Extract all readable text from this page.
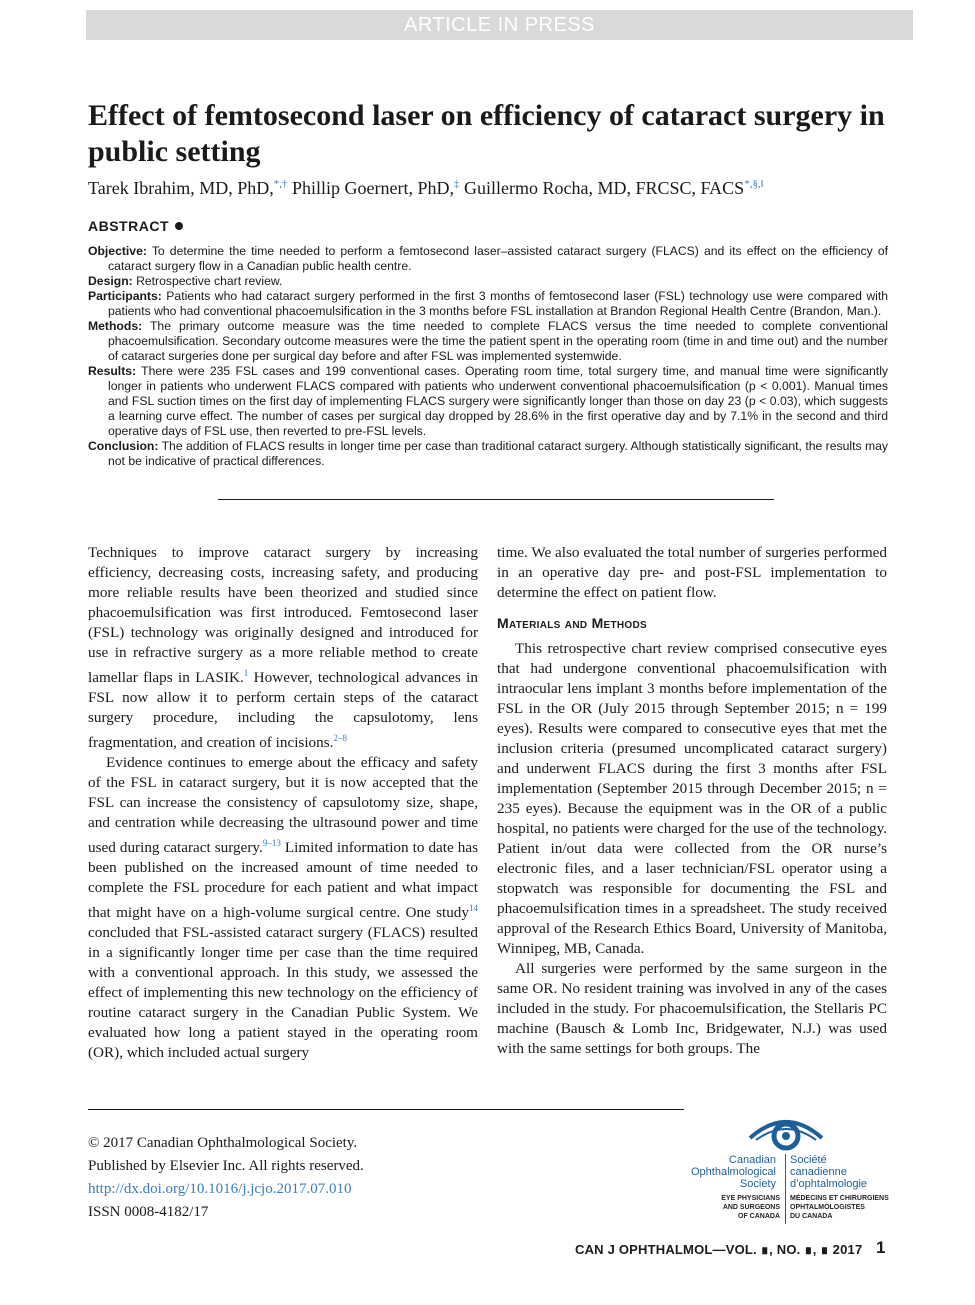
ARTICLE IN PRESS
Effect of femtosecond laser on efficiency of cataract surgery in public setting
Tarek Ibrahim, MD, PhD,*,† Phillip Goernert, PhD,‡ Guillermo Rocha, MD, FRCSC, FACS*,§,‖
ABSTRACT

Objective: To determine the time needed to perform a femtosecond laser–assisted cataract surgery (FLACS) and its effect on the efficiency of cataract surgery flow in a Canadian public health centre.

Design: Retrospective chart review.

Participants: Patients who had cataract surgery performed in the first 3 months of femtosecond laser (FSL) technology use were compared with patients who had conventional phacoemulsification in the 3 months before FSL installation at Brandon Regional Health Centre (Brandon, Man.).

Methods: The primary outcome measure was the time needed to complete FLACS versus the time needed to complete conventional phacoemulsification. Secondary outcome measures were the time the patient spent in the operating room (time in and time out) and the number of cataract surgeries done per surgical day before and after FSL was implemented systemwide.

Results: There were 235 FSL cases and 199 conventional cases. Operating room time, total surgery time, and manual time were significantly longer in patients who underwent FLACS compared with patients who underwent conventional phacoemulsification (p < 0.001). Manual times and FSL suction times on the first day of implementing FLACS surgery were significantly longer than those on day 23 (p < 0.03), which suggests a learning curve effect. The number of cases per surgical day dropped by 28.6% in the first operative day and by 7.1% in the second and third operative days of FSL use, then reverted to pre-FSL levels.

Conclusion: The addition of FLACS results in longer time per case than traditional cataract surgery. Although statistically significant, the results may not be indicative of practical differences.

Techniques to improve cataract surgery by increasing efficiency, decreasing costs, increasing safety, and producing more reliable results have been theorized and studied since phacoemulsification was first introduced. Femtosecond laser (FSL) technology was originally designed and introduced for use in refractive surgery as a more reliable method to create lamellar flaps in LASIK.$^1$ However, technological advances in FSL now allow it to perform certain steps of the cataract surgery procedure, including the capsulotomy, lens fragmentation, and creation of incisions.$^{2-8}$

Evidence continues to emerge about the efficacy and safety of the FSL in cataract surgery, but it is now accepted that the FSL can increase the consistency of capsulotomy size, shape, and centration while decreasing the ultrasound power and time used during cataract surgery.$^{9-13}$ Limited information to date has been published on the increased amount of time needed to complete the FSL procedure for each patient and what impact that might have on a high-volume surgical centre. One study$^{14}$ concluded that FSL-assisted cataract surgery (FLACS) resulted in a significantly longer time per case than the time required with a conventional approach. In this study, we assessed the effect of implementing this new technology on the efficiency of routine cataract surgery in the Canadian Public System. We evaluated how long a patient stayed in the operating room (OR), which included actual surgery

time. We also evaluated the total number of surgeries performed in an operative day pre- and post-FSL implementation to determine the effect on patient flow.

Materials and Methods

This retrospective chart review comprised consecutive eyes that had undergone conventional phacoemulsification with intraocular lens implant 3 months before implementation of the FSL in the OR (July 2015 through September 2015; n = 199 eyes). Results were compared to consecutive eyes that met the inclusion criteria (presumed uncomplicated cataract surgery) and underwent FLACS during the first 3 months after FSL implementation (September 2015 through December 2015; n = 235 eyes). Because the equipment was in the OR of a public hospital, no patients were charged for the use of the technology. Patient in/out data were collected from the OR nurse’s electronic files, and a laser technician/FSL operator using a stopwatch was responsible for documenting the FSL and phacoemulsification times in a spreadsheet. The study received approval of the Research Ethics Board, University of Manitoba, Winnipeg, MB, Canada.

All surgeries were performed by the same surgeon in the same OR. No resident training was involved in any of the cases included in the study. For phacoemulsification, the Stellaris PC machine (Bausch & Lomb Inc, Bridgewater, N.J.) was used with the same settings for both groups. The

© 2017 Canadian Ophthalmological Society.
Published by Elsevier Inc. All rights reserved.
http://dx.doi.org/10.1016/j.jcjo.2017.07.010
ISSN 0008-4182/17
Canadian
Ophthalmological
Society
Société
canadienne
d’ophtalmologie
EYE PHYSICIANS
AND SURGEONS
OF CANADA
MÉDECINS ET CHIRURGIENS
OPHTALMOLOGISTES
DU CANADA
CAN J OPHTHALMOL—VOL. ∎, NO. ∎, ∎ 2017 1
